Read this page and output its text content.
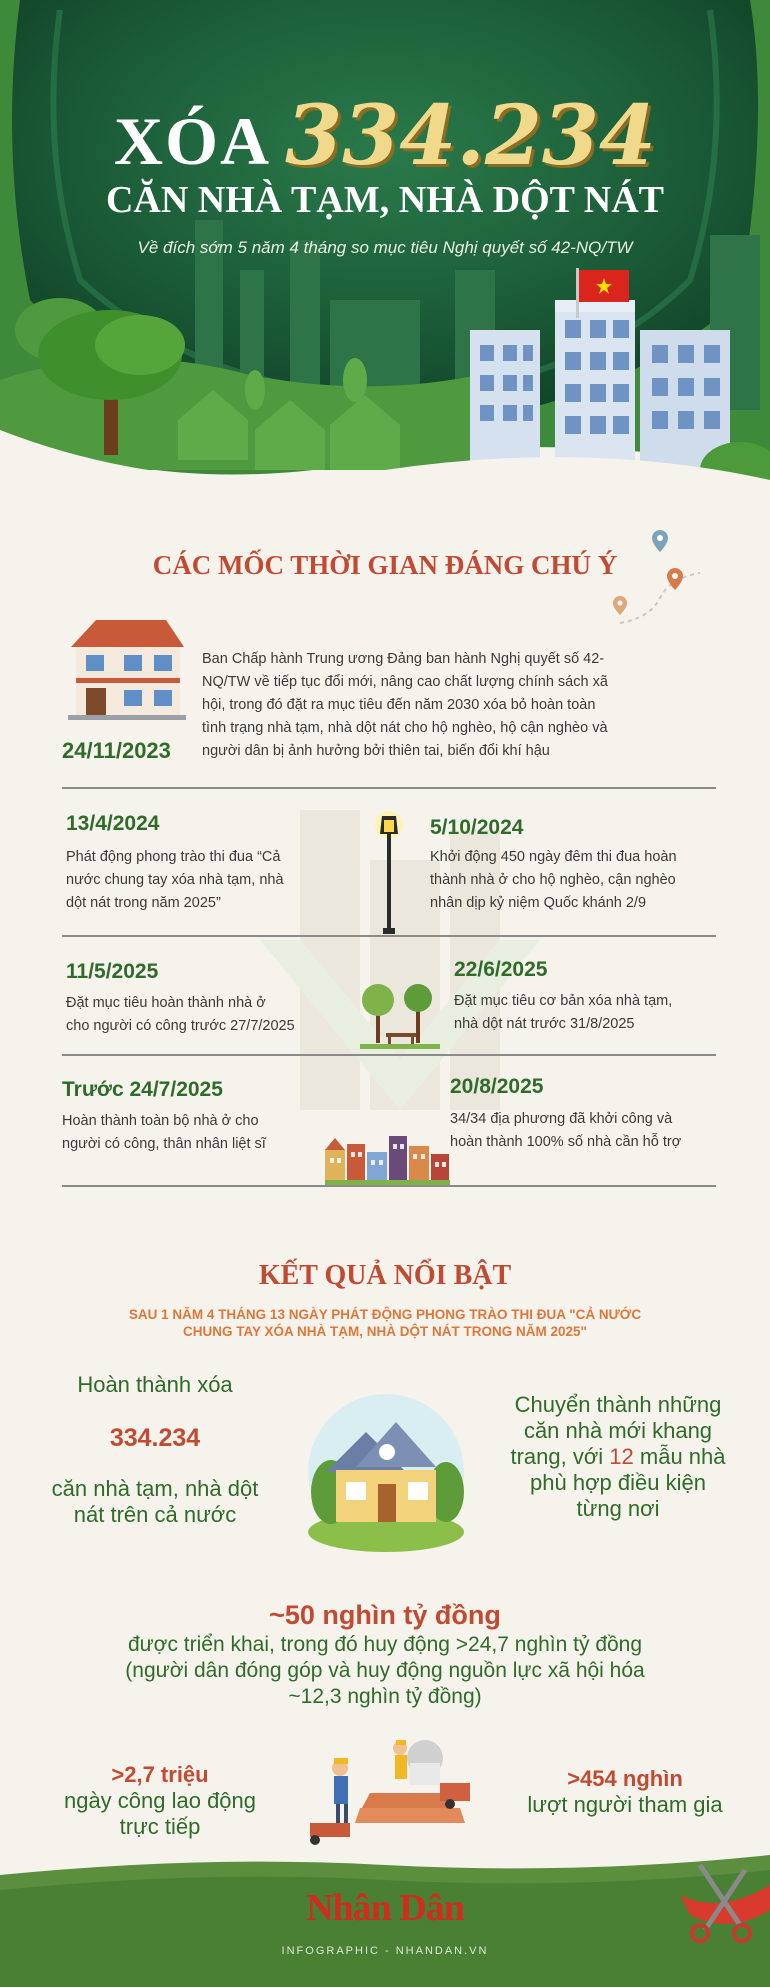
XÓA 334.234
CĂN NHÀ TẠM, NHÀ DỘT NÁT
Về đích sớm 5 năm 4 tháng so mục tiêu Nghị quyết số 42-NQ/TW
CÁC MỐC THỜI GIAN ĐÁNG CHÚ Ý
24/11/2023
Ban Chấp hành Trung ương Đảng ban hành Nghị quyết số 42-
NQ/TW về tiếp tục đổi mới, nâng cao chất lượng chính sách xã
hội, trong đó đặt ra mục tiêu đến năm 2030 xóa bỏ hoàn toàn
tình trạng nhà tạm, nhà dột nát cho hộ nghèo, hộ cận nghèo và
người dân bị ảnh hưởng bởi thiên tai, biến đổi khí hậu
13/4/2024
Phát động phong trào thi đua “Cả
nước chung tay xóa nhà tạm, nhà
dột nát trong năm 2025”
5/10/2024
Khởi động 450 ngày đêm thi đua hoàn
thành nhà ở cho hộ nghèo, cận nghèo
nhân dịp kỷ niệm Quốc khánh 2/9
11/5/2025
Đặt mục tiêu hoàn thành nhà ở
cho người có công trước 27/7/2025
22/6/2025
Đặt mục tiêu cơ bản xóa nhà tạm,
nhà dột nát trước 31/8/2025
Trước 24/7/2025
Hoàn thành toàn bộ nhà ở cho
người có công, thân nhân liệt sĩ
20/8/2025
34/34 địa phương đã khởi công và
hoàn thành 100% số nhà cần hỗ trợ
KẾT QUẢ NỔI BẬT
SAU 1 NĂM 4 THÁNG 13 NGÀY PHÁT ĐỘNG PHONG TRÀO THI ĐUA "CẢ NƯỚC
CHUNG TAY XÓA NHÀ TẠM, NHÀ DỘT NÁT TRONG NĂM 2025"
Hoàn thành xóa
334.234
căn nhà tạm, nhà dột
nát trên cả nước
Chuyển thành những
căn nhà mới khang
trang, với 12 mẫu nhà
phù hợp điều kiện
từng nơi
~50 nghìn tỷ đồng
được triển khai, trong đó huy động >24,7 nghìn tỷ đồng
(người dân đóng góp và huy động nguồn lực xã hội hóa
~12,3 nghìn tỷ đồng)
>2,7 triệu
ngày công lao động
trực tiếp
>454 nghìn
lượt người tham gia
Nhân Dân
INFOGRAPHIC - NHANDAN.VN
